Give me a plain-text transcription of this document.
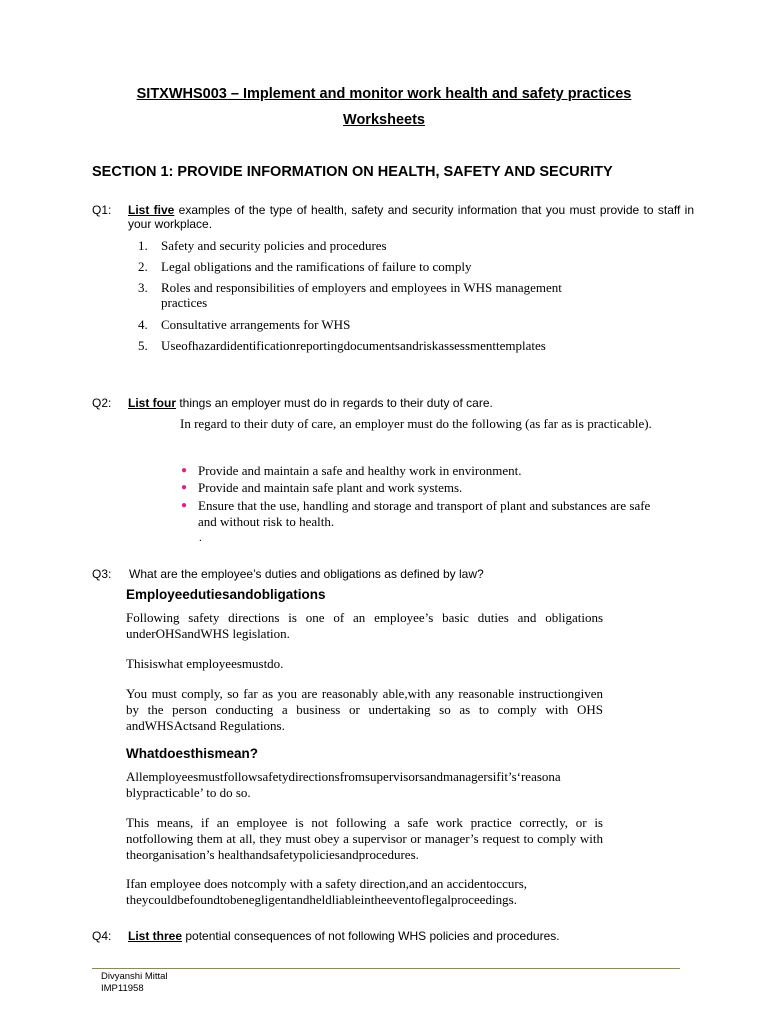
SITXWHS003 – Implement and monitor work health and safety practices
Worksheets
SECTION 1: PROVIDE INFORMATION ON HEALTH, SAFETY AND SECURITY
Q1: List five examples of the type of health, safety and security information that you must provide to staff in your workplace.
1. Safety and security policies and procedures
2. Legal obligations and the ramifications of failure to comply
3. Roles and responsibilities of employers and employees in WHS management practices
4. Consultative arrangements for WHS
5. Useofhazardidentificationreportingdocumentsandriskassessmenttemplates
Q2: List four things an employer must do in regards to their duty of care.
In regard to their duty of care, an employer must do the following (as far as is practicable).
● Provide and maintain a safe and healthy work in environment.
● Provide and maintain safe plant and work systems.
● Ensure that the use, handling and storage and transport of plant and substances are safe and without risk to health.
.
Q3: What are the employee’s duties and obligations as defined by law?
Employeedutiesandobligations
Following safety directions is one of an employee’s basic duties and obligations underOHSandWHS legislation.
Thisiswhat employeesmustdo.
You must comply, so far as you are reasonably able,with any reasonable instructiongiven by the person conducting a business or undertaking so as to comply with OHS andWHSActsand Regulations.
Whatdoesthismean?
Allemployeesmustfollowsafetydirectionsfromsupervisorsandmanagersifit’s‘reasona
blypracticable’ to do so.
This means, if an employee is not following a safe work practice correctly, or is notfollowing them at all, they must obey a supervisor or manager’s request to comply with theorganisation’s healthandsafetypoliciesandprocedures.
Ifan employee does notcomply with a safety direction,and an accidentoccurs,
theycouldbefoundtobenegligentandheldliableintheeventoflegalproceedings.
Q4: List three potential consequences of not following WHS policies and procedures.
Divyanshi Mittal
IMP11958
